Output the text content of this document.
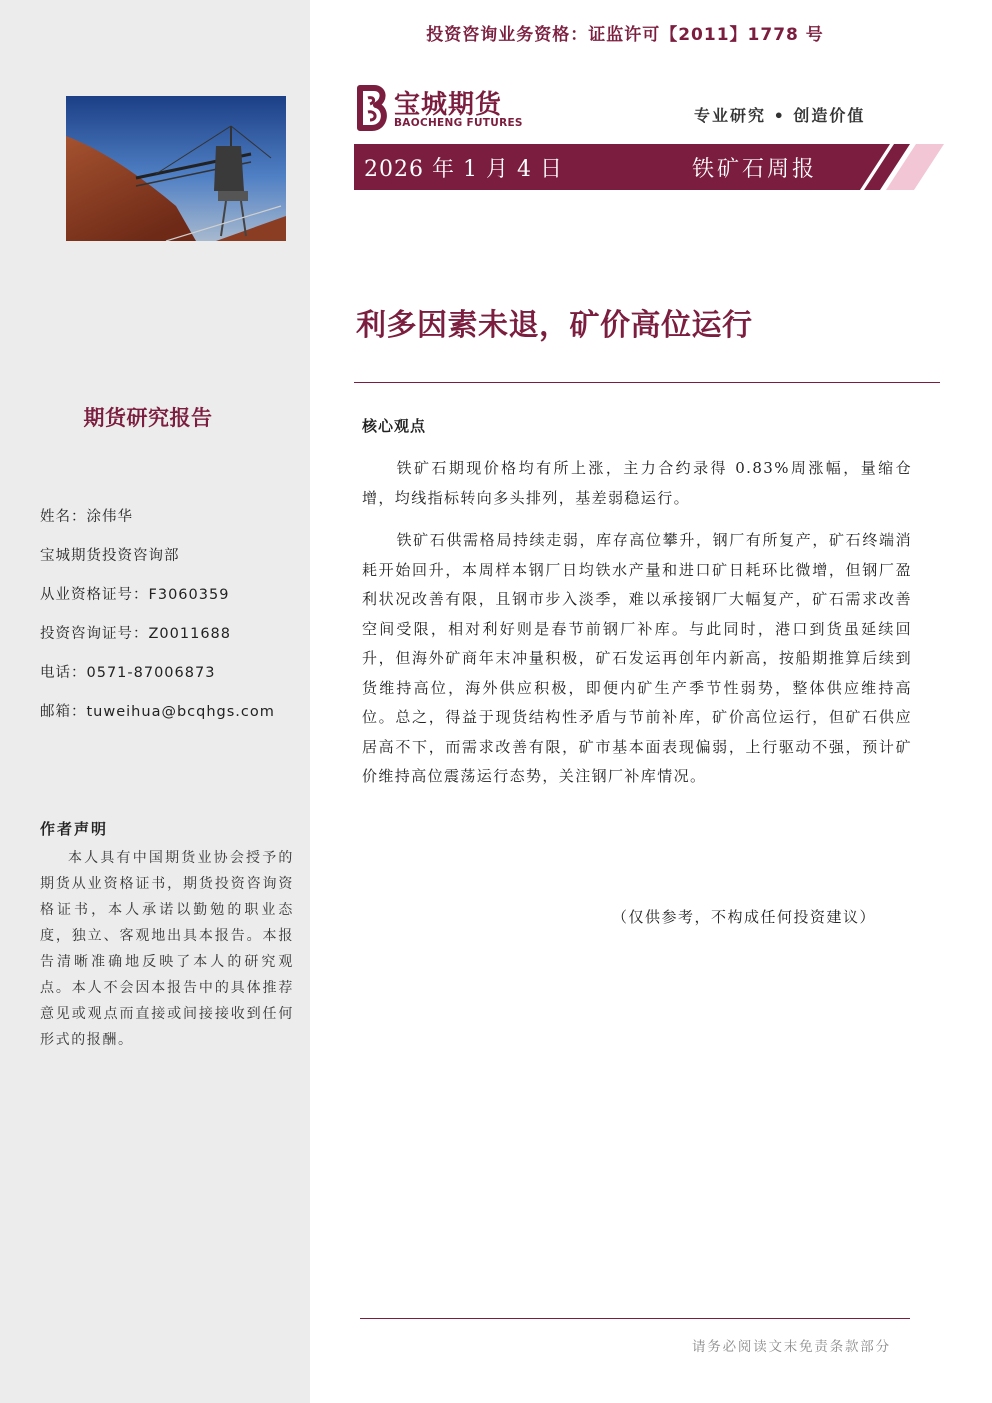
期货研究报告
姓名：涂伟华
宝城期货投资咨询部
从业资格证号：F3060359
投资咨询证号：Z0011688
电话：0571-87006873
邮箱：tuweihua@bcqhgs.com
作者声明
本人具有中国期货业协会授予的期货从业资格证书，期货投资咨询资格证书，本人承诺以勤勉的职业态度，独立、客观地出具本报告。本报告清晰准确地反映了本人的研究观点。本人不会因本报告中的具体推荐意见或观点而直接或间接接收到任何形式的报酬。
投资咨询业务资格：证监许可【2011】1778 号
宝城期货
BAOCHENG FUTURES	专业研究 • 创造价值
2026 年 1 月 4 日	铁矿石周报
利多因素未退，矿价高位运行
核心观点
铁矿石期现价格均有所上涨，主力合约录得 0.83%周涨幅，量缩仓增，均线指标转向多头排列，基差弱稳运行。
铁矿石供需格局持续走弱，库存高位攀升，钢厂有所复产，矿石终端消耗开始回升，本周样本钢厂日均铁水产量和进口矿日耗环比微增，但钢厂盈利状况改善有限，且钢市步入淡季，难以承接钢厂大幅复产，矿石需求改善空间受限，相对利好则是春节前钢厂补库。与此同时，港口到货虽延续回升，但海外矿商年末冲量积极，矿石发运再创年内新高，按船期推算后续到货维持高位，海外供应积极，即便内矿生产季节性弱势，整体供应维持高位。总之，得益于现货结构性矛盾与节前补库，矿价高位运行，但矿石供应居高不下，而需求改善有限，矿市基本面表现偏弱，上行驱动不强，预计矿价维持高位震荡运行态势，关注钢厂补库情况。
（仅供参考，不构成任何投资建议）
请务必阅读文末免责条款部分
